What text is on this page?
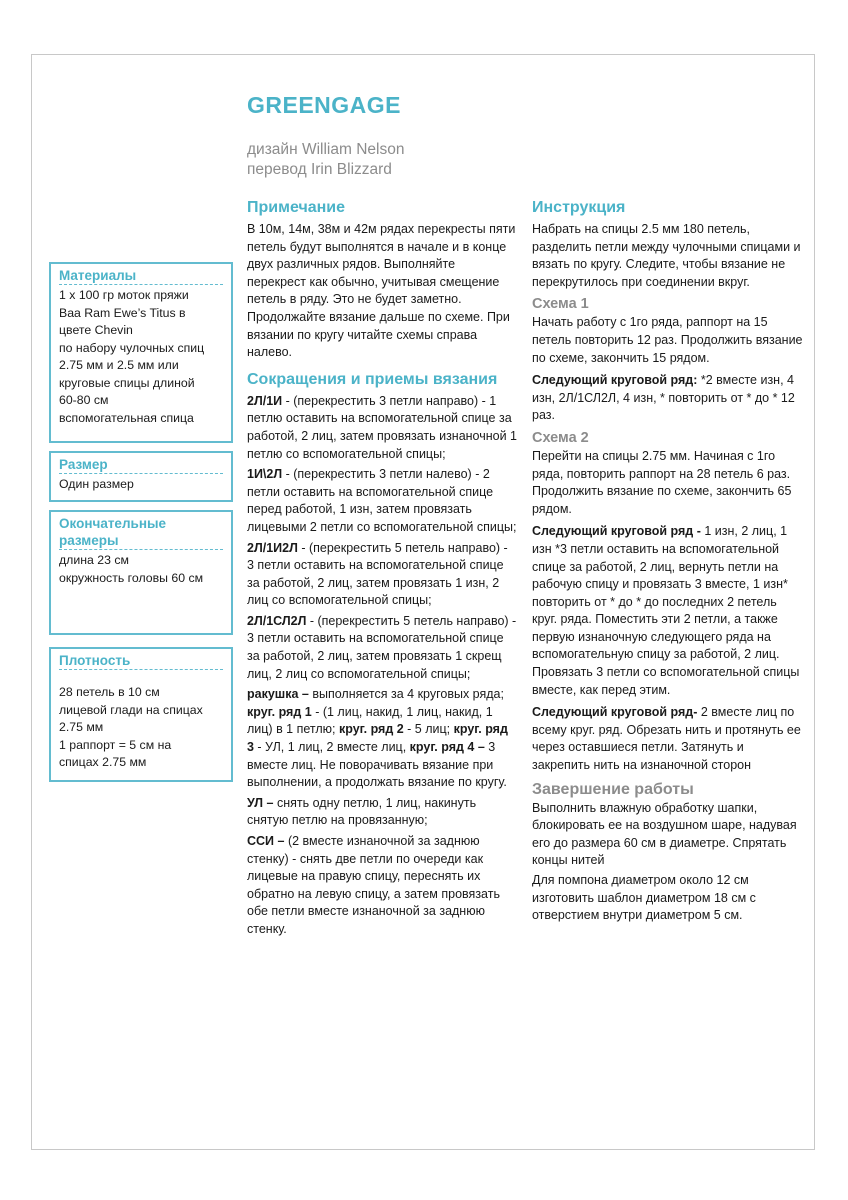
GREENGAGE
дизайн William Nelson
перевод Irin Blizzard
Материалы
1 х 100 гр моток пряжи
Baa Ram Ewe’s Titus в
цвете Chevin
по набору чулочных спиц
2.75 мм и 2.5 мм или
круговые спицы длиной
60-80 см
вспомогательная спица
Размер
Один размер
Окончательные размеры
длина 23 см
окружность головы 60 см
Плотность
28 петель в 10 см
лицевой глади на спицах
2.75 мм
1 раппорт = 5 см на
спицах 2.75 мм
Примечание

В 10м, 14м, 38м и 42м рядах перекресты пяти петель будут выполнятся в начале и в конце двух различных рядов. Выполняйте перекрест как обычно, учитывая смещение петель в ряду. Это не будет заметно. Продолжайте вязание дальше по схеме. При вязании по кругу читайте схемы справа налево.

Сокращения и приемы вязания

2Л/1И - (перекрестить 3 петли направо) - 1 петлю оставить на вспомогательной спице за работой, 2 лиц, затем провязать изнаночной 1 петлю со вспомогательной спицы;

1И\2Л - (перекрестить 3 петли налево) - 2 петли оставить на вспомогательной спице перед работой, 1 изн, затем провязать лицевыми 2 петли со вспомогательной спицы;

2Л/1И2Л - (перекрестить 5 петель направо) - 3 петли оставить на вспомогательной спице за работой, 2 лиц, затем провязать 1 изн, 2 лиц со вспомогательной спицы;

2Л/1СЛ2Л - (перекрестить 5 петель направо) - 3 петли оставить на вспомогательной спице за работой, 2 лиц, затем провязать 1 скрещ лиц, 2 лиц со вспомогательной спицы;

ракушка – выполняется за 4 круговых ряда; круг. ряд 1 - (1 лиц, накид, 1 лиц, накид, 1 лиц) в 1 петлю; круг. ряд 2 - 5 лиц; круг. ряд 3 - УЛ, 1 лиц, 2 вместе лиц, круг. ряд 4 – 3 вместе лиц. Не поворачивать вязание при выполнении, а продолжать вязание по кругу.

УЛ – снять одну петлю, 1 лиц, накинуть снятую петлю на провязанную;

ССИ – (2 вместе изнаночной за заднюю стенку) - снять две петли по очереди как лицевые на правую спицу, переснять их обратно на левую спицу, а затем провязать обе петли вместе изнаночной за заднюю стенку.

Инструкция

Набрать на спицы 2.5 мм 180 петель, разделить петли между чулочными спицами и вязать по кругу. Следите, чтобы вязание не перекрутилось при соединении вкруг.

Схема 1

Начать работу с 1го ряда, раппорт на 15 петель повторить 12 раз. Продолжить вязание по схеме, закончить 15 рядом.

Следующий круговой ряд: *2 вместе изн, 4 изн, 2Л/1СЛ2Л, 4 изн, * повторить от * до * 12 раз.

Схема 2

Перейти на спицы 2.75 мм. Начиная с 1го ряда, повторить раппорт на 28 петель 6 раз. Продолжить вязание по схеме, закончить 65 рядом.

Следующий круговой ряд - 1 изн, 2 лиц, 1 изн *3 петли оставить на вспомогательной спице за работой, 2 лиц, вернуть петли на рабочую спицу и провязать 3 вместе, 1 изн* повторить от * до * до последних 2 петель круг. ряда. Поместить эти 2 петли, а также первую изнаночную следующего ряда на вспомогательную спицу за работой, 2 лиц. Провязать 3 петли со вспомогательной спицы вместе, как перед этим.

Следующий круговой ряд- 2 вместе лиц по всему круг. ряд. Обрезать нить и протянуть ее через оставшиеся петли. Затянуть и закрепить нить на изнаночной сторон

Завершение работы

Выполнить влажную обработку шапки, блокировать ее на воздушном шаре, надувая его до размера 60 см в диаметре. Спрятать концы нитей

Для помпона диаметром около 12 см изготовить шаблон диаметром 18 см с отверстием внутри диаметром 5 см.
